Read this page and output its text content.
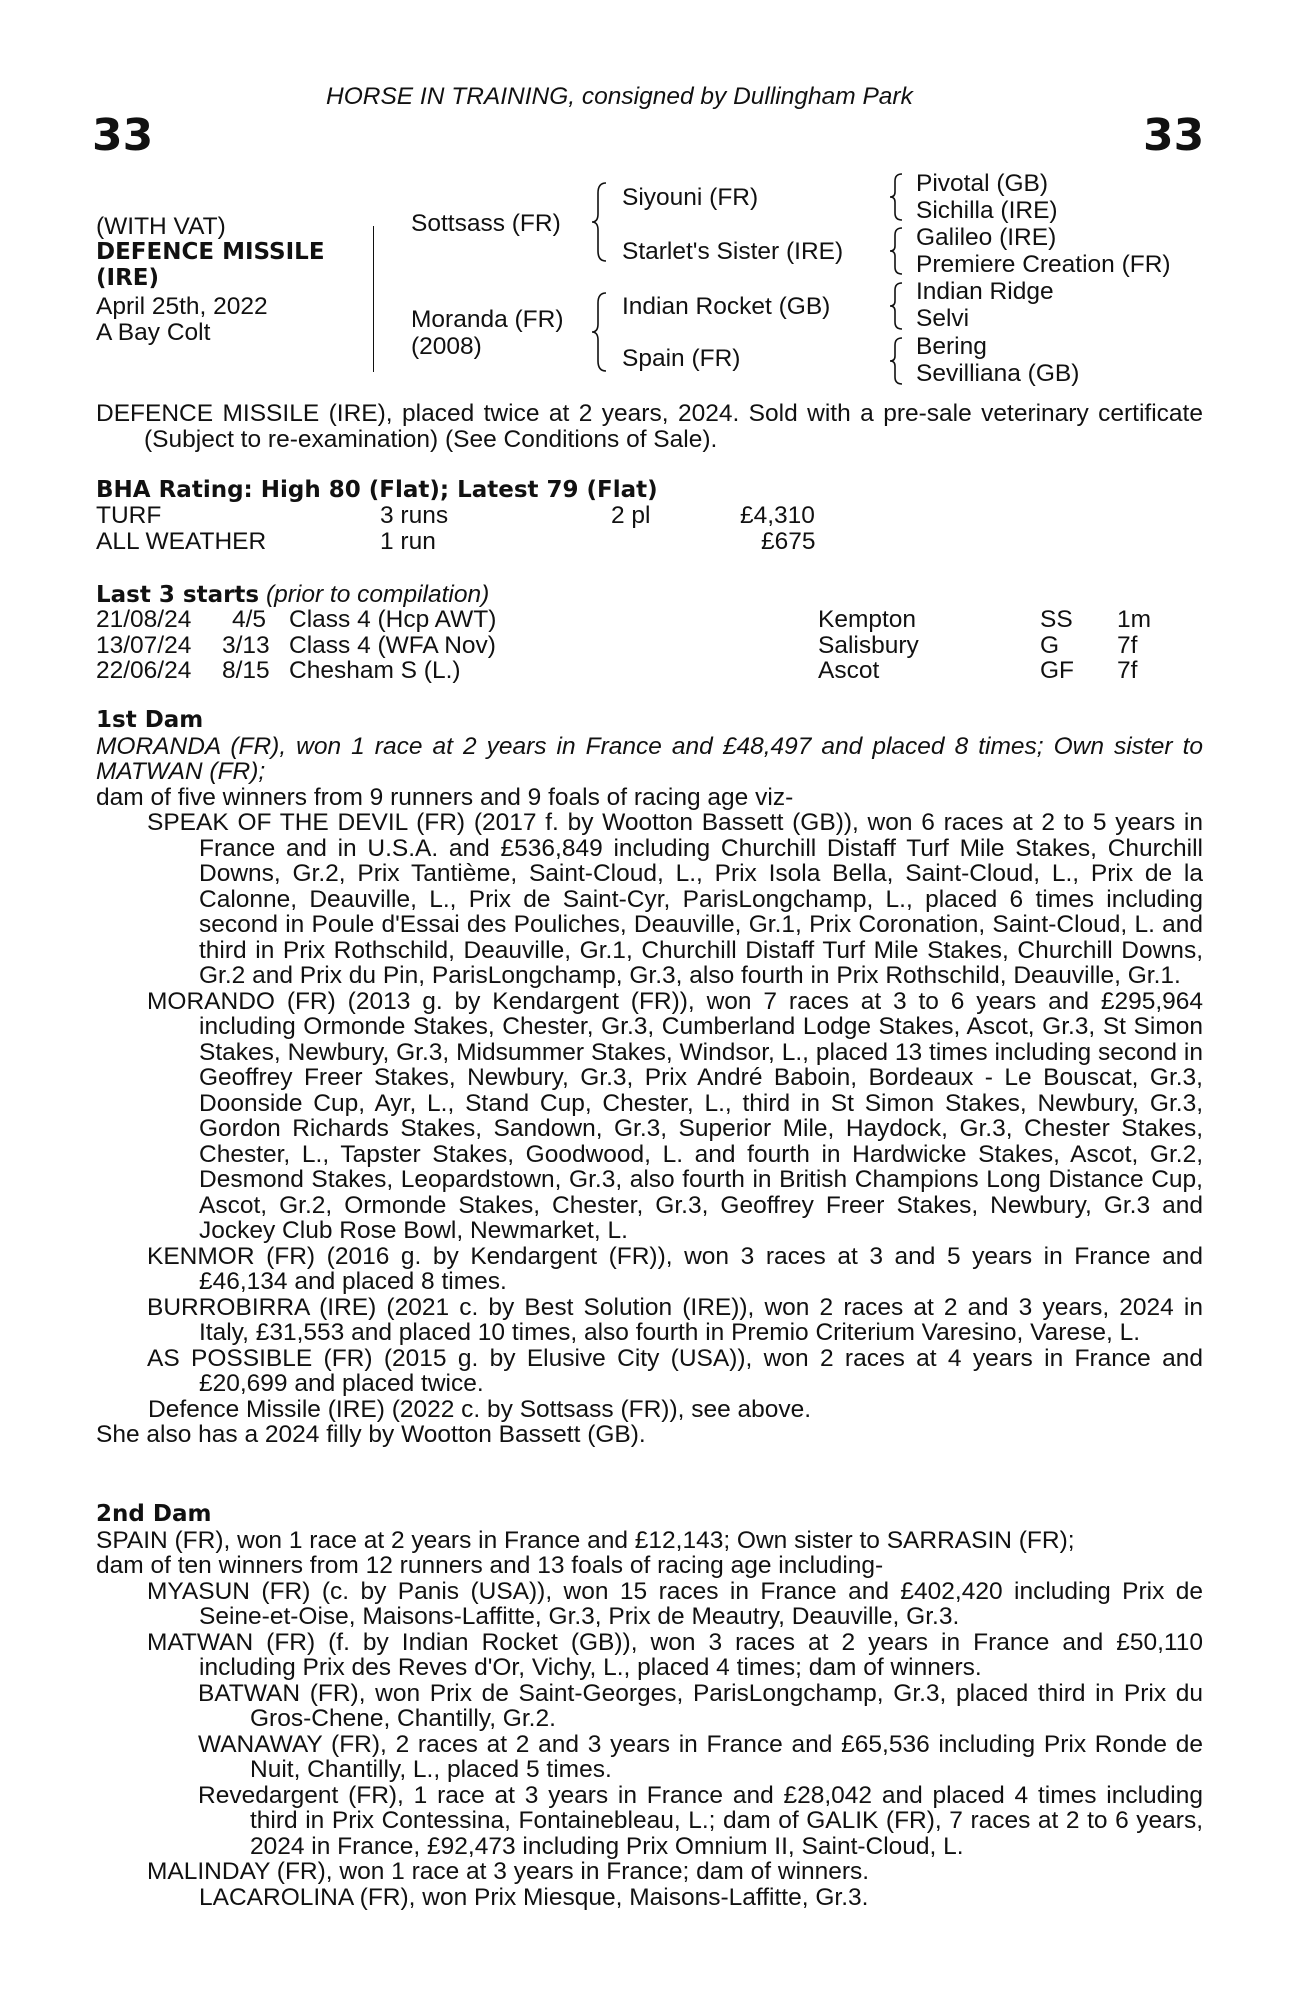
33
HORSE IN TRAINING, consigned by Dullingham Park
33
(WITH VAT)
DEFENCE MISSILE
(IRE)
April 25th, 2022
A Bay Colt
Sottsass (FR)
Moranda (FR)
(2008)
Siyouni (FR)
Starlet's Sister (IRE)
Indian Rocket (GB)
Spain (FR)
Pivotal (GB)
Sichilla (IRE)
Galileo (IRE)
Premiere Creation (FR)
Indian Ridge
Selvi
Bering
Sevilliana (GB)

DEFENCE MISSILE (IRE), placed twice at 2 years, 2024. Sold with a pre-sale veterinary certificate (Subject to re-examination) (See Conditions of Sale).

BHA Rating: High 80 (Flat); Latest 79 (Flat)
TURF	3 runs	2 pl	£4,310
ALL WEATHER	1 run	£675
Last 3 starts (prior to compilation)
21/08/24 4/5 Class 4 (Hcp AWT)	Kempton	SS 1m
13/07/24 3/13 Class 4 (WFA Nov)	Salisbury	G 7f
22/06/24 8/15 Chesham S (L.)	Ascot	GF 7f
1st Dam

MORANDA (FR), won 1 race at 2 years in France and £48,497 and placed 8 times; Own sister to MATWAN (FR);

dam of five winners from 9 runners and 9 foals of racing age viz-

SPEAK OF THE DEVIL (FR) (2017 f. by Wootton Bassett (GB)), won 6 races at 2 to 5 years in France and in U.S.A. and £536,849 including Churchill Distaff Turf Mile Stakes, Churchill Downs, Gr.2, Prix Tantième, Saint-Cloud, L., Prix Isola Bella, Saint-Cloud, L., Prix de la Calonne, Deauville, L., Prix de Saint-Cyr, ParisLongchamp, L., placed 6 times including second in Poule d'Essai des Pouliches, Deauville, Gr.1, Prix Coronation, Saint-Cloud, L. and third in Prix Rothschild, Deauville, Gr.1, Churchill Distaff Turf Mile Stakes, Churchill Downs, Gr.2 and Prix du Pin, ParisLongchamp, Gr.3, also fourth in Prix Rothschild, Deauville, Gr.1.

MORANDO (FR) (2013 g. by Kendargent (FR)), won 7 races at 3 to 6 years and £295,964 including Ormonde Stakes, Chester, Gr.3, Cumberland Lodge Stakes, Ascot, Gr.3, St Simon Stakes, Newbury, Gr.3, Midsummer Stakes, Windsor, L., placed 13 times including second in Geoffrey Freer Stakes, Newbury, Gr.3, Prix André Baboin, Bordeaux - Le Bouscat, Gr.3, Doonside Cup, Ayr, L., Stand Cup, Chester, L., third in St Simon Stakes, Newbury, Gr.3, Gordon Richards Stakes, Sandown, Gr.3, Superior Mile, Haydock, Gr.3, Chester Stakes, Chester, L., Tapster Stakes, Goodwood, L. and fourth in Hardwicke Stakes, Ascot, Gr.2, Desmond Stakes, Leopardstown, Gr.3, also fourth in British Champions Long Distance Cup, Ascot, Gr.2, Ormonde Stakes, Chester, Gr.3, Geoffrey Freer Stakes, Newbury, Gr.3 and Jockey Club Rose Bowl, Newmarket, L.

KENMOR (FR) (2016 g. by Kendargent (FR)), won 3 races at 3 and 5 years in France and £46,134 and placed 8 times.

BURROBIRRA (IRE) (2021 c. by Best Solution (IRE)), won 2 races at 2 and 3 years, 2024 in Italy, £31,553 and placed 10 times, also fourth in Premio Criterium Varesino, Varese, L.

AS POSSIBLE (FR) (2015 g. by Elusive City (USA)), won 2 races at 4 years in France and £20,699 and placed twice.

Defence Missile (IRE) (2022 c. by Sottsass (FR)), see above.

She also has a 2024 filly by Wootton Bassett (GB).

2nd Dam

SPAIN (FR), won 1 race at 2 years in France and £12,143; Own sister to SARRASIN (FR);

dam of ten winners from 12 runners and 13 foals of racing age including-

MYASUN (FR) (c. by Panis (USA)), won 15 races in France and £402,420 including Prix de Seine-et-Oise, Maisons-Laffitte, Gr.3, Prix de Meautry, Deauville, Gr.3.

MATWAN (FR) (f. by Indian Rocket (GB)), won 3 races at 2 years in France and £50,110 including Prix des Reves d'Or, Vichy, L., placed 4 times; dam of winners.

BATWAN (FR), won Prix de Saint-Georges, ParisLongchamp, Gr.3, placed third in Prix du Gros-Chene, Chantilly, Gr.2.

WANAWAY (FR), 2 races at 2 and 3 years in France and £65,536 including Prix Ronde de Nuit, Chantilly, L., placed 5 times.

Revedargent (FR), 1 race at 3 years in France and £28,042 and placed 4 times including third in Prix Contessina, Fontainebleau, L.; dam of GALIK (FR), 7 races at 2 to 6 years, 2024 in France, £92,473 including Prix Omnium II, Saint-Cloud, L.

MALINDAY (FR), won 1 race at 3 years in France; dam of winners.

LACAROLINA (FR), won Prix Miesque, Maisons-Laffitte, Gr.3.
